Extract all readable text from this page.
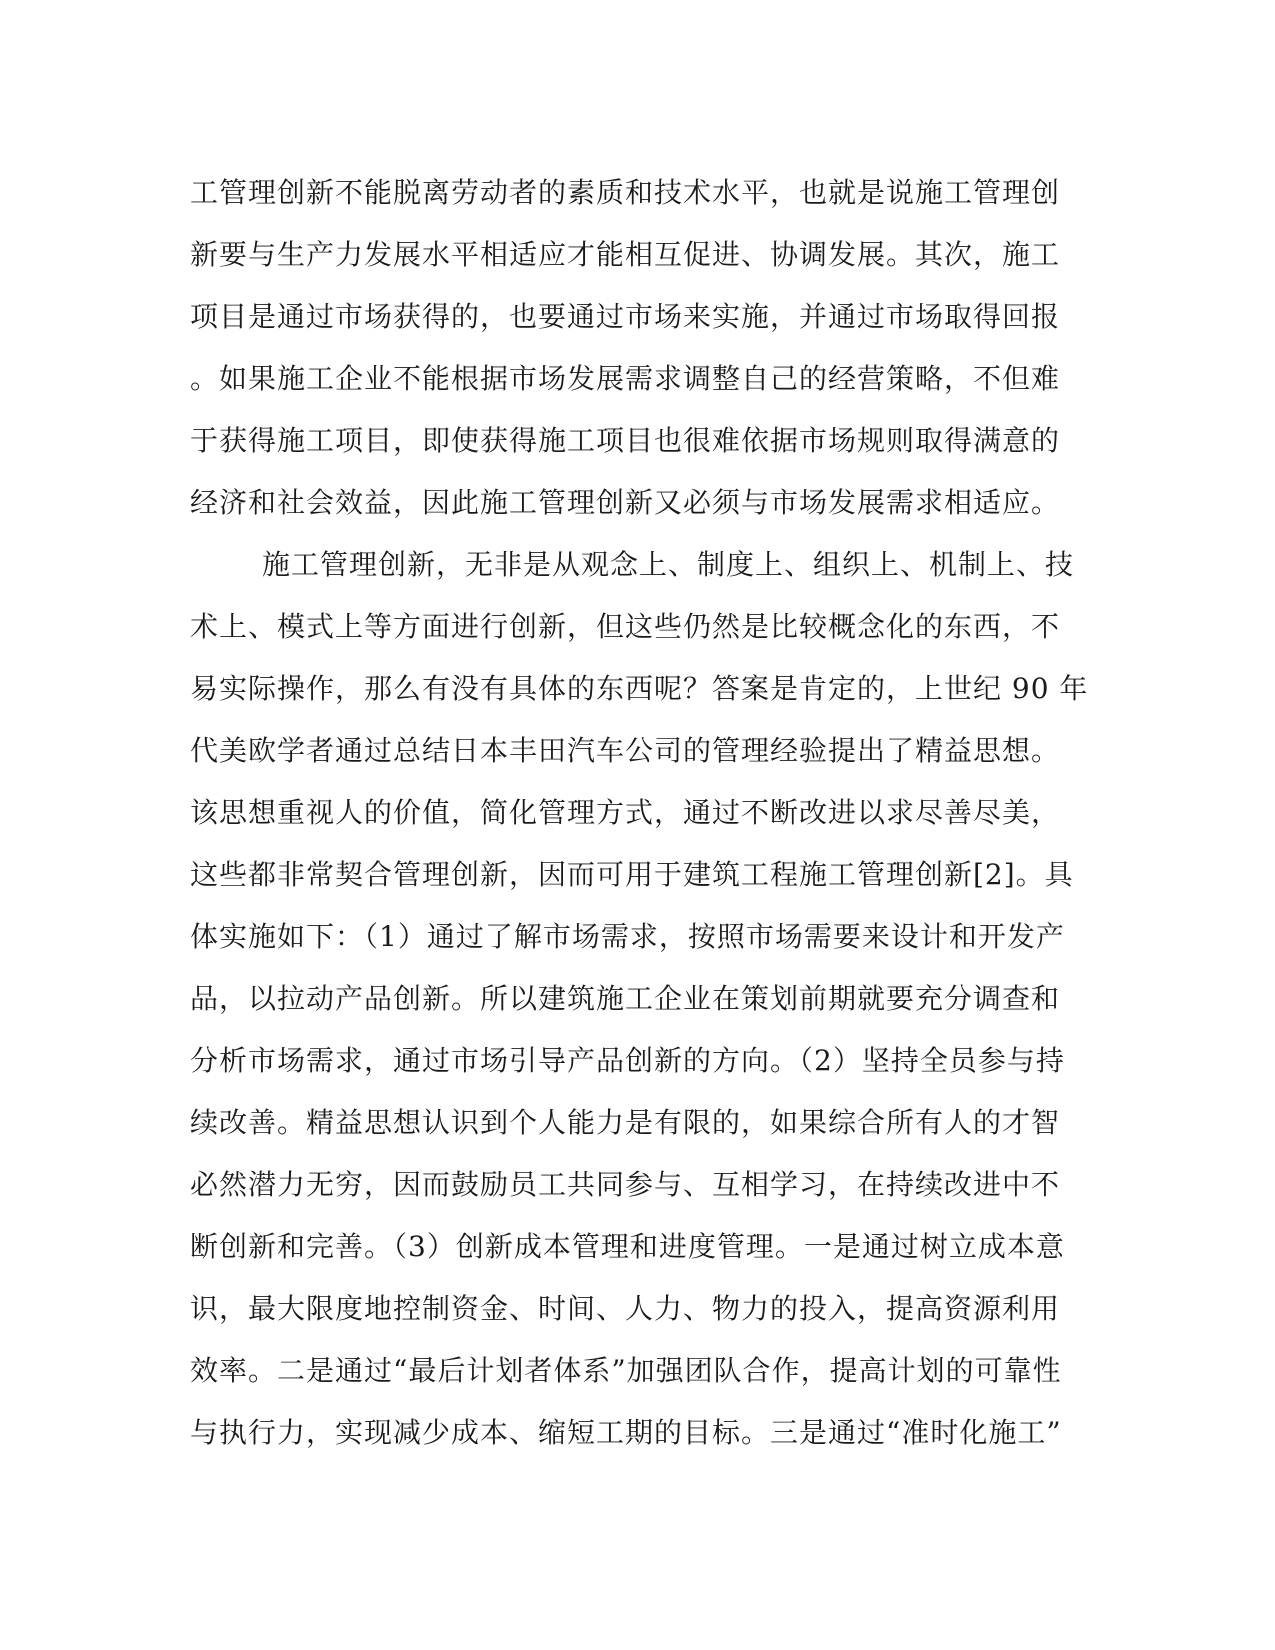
工管理创新不能脱离劳动者的素质和技术水平，也就是说施工管理创
新要与生产力发展水平相适应才能相互促进、协调发展。其次，施工
项目是通过市场获得的，也要通过市场来实施，并通过市场取得回报
。如果施工企业不能根据市场发展需求调整自己的经营策略，不但难
于获得施工项目，即使获得施工项目也很难依据市场规则取得满意的
经济和社会效益，因此施工管理创新又必须与市场发展需求相适应。
施工管理创新，无非是从观念上、制度上、组织上、机制上、技
术上、模式上等方面进行创新，但这些仍然是比较概念化的东西，不
易实际操作，那么有没有具体的东西呢？答案是肯定的，上世纪 90 年
代美欧学者通过总结日本丰田汽车公司的管理经验提出了精益思想。
该思想重视人的价值，简化管理方式，通过不断改进以求尽善尽美，
这些都非常契合管理创新，因而可用于建筑工程施工管理创新[2]。具
体实施如下：（1）通过了解市场需求，按照市场需要来设计和开发产
品，以拉动产品创新。所以建筑施工企业在策划前期就要充分调查和
分析市场需求，通过市场引导产品创新的方向。（2）坚持全员参与持
续改善。精益思想认识到个人能力是有限的，如果综合所有人的才智
必然潜力无穷，因而鼓励员工共同参与、互相学习，在持续改进中不
断创新和完善。（3）创新成本管理和进度管理。一是通过树立成本意
识，最大限度地控制资金、时间、人力、物力的投入，提高资源利用
效率。二是通过“最后计划者体系”加强团队合作，提高计划的可靠性
与执行力，实现减少成本、缩短工期的目标。三是通过“准时化施工”
